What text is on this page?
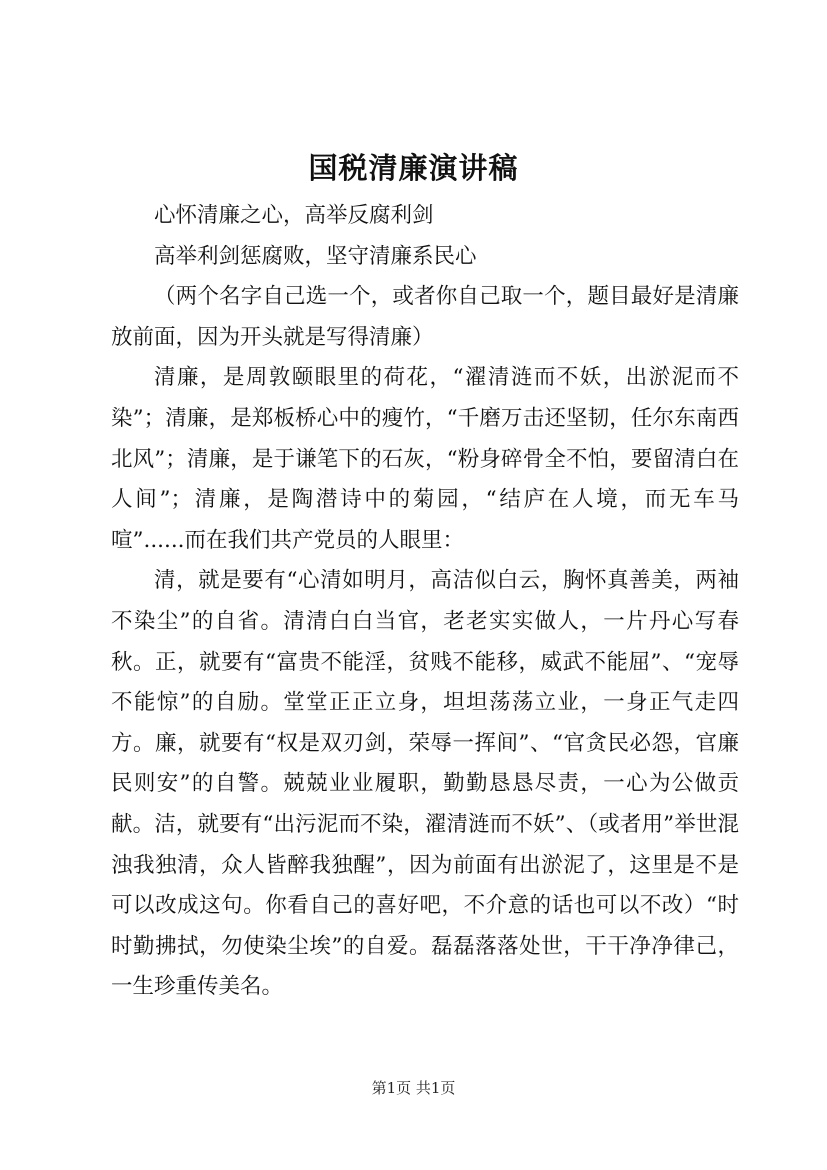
国税清廉演讲稿

心怀清廉之心，高举反腐利剑

高举利剑惩腐败，坚守清廉系民心

（两个名字自己选一个，或者你自己取一个，题目最好是清廉放前面，因为开头就是写得清廉）

清廉，是周敦颐眼里的荷花，“濯清涟而不妖，出淤泥而不染”；清廉，是郑板桥心中的瘦竹，“千磨万击还坚韧，任尔东南西北风”；清廉，是于谦笔下的石灰，“粉身碎骨全不怕，要留清白在人间”；清廉，是陶潜诗中的菊园，“结庐在人境，而无车马喧”......而在我们共产党员的人眼里：

清，就是要有“心清如明月，高洁似白云，胸怀真善美，两袖不染尘”的自省。清清白白当官，老老实实做人，一片丹心写春秋。正，就要有“富贵不能淫，贫贱不能移，威武不能屈”、“宠辱不能惊”的自励。堂堂正正立身，坦坦荡荡立业，一身正气走四方。廉，就要有“权是双刃剑，荣辱一挥间”、“官贪民必怨，官廉民则安”的自警。兢兢业业履职，勤勤恳恳尽责，一心为公做贡献。洁，就要有“出污泥而不染，濯清涟而不妖”、（或者用”举世混浊我独清，众人皆醉我独醒”，因为前面有出淤泥了，这里是不是可以改成这句。你看自己的喜好吧，不介意的话也可以不改）“时时勤拂拭，勿使染尘埃”的自爱。磊磊落落处世，干干净净律己，一生珍重传美名。

第1页 共1页
